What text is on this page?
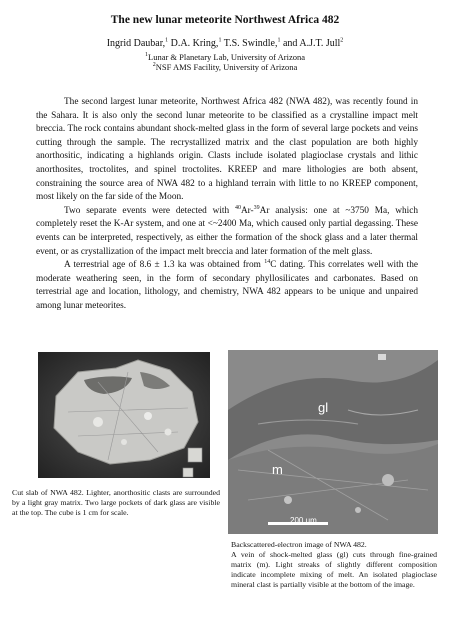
The new lunar meteorite Northwest Africa 482
Ingrid Daubar,$^1$ D.A. Kring,$^1$ T.S. Swindle,$^1$ and A.J.T. Jull$^2$
$^1$Lunar & Planetary Lab, University of Arizona
$^2$NSF AMS Facility, University of Arizona

The second largest lunar meteorite, Northwest Africa 482 (NWA 482), was recently found in the Sahara. It is also only the second lunar meteorite to be classified as a crystalline impact melt breccia. The rock contains abundant shock-melted glass in the form of several large pockets and veins cutting through the sample. The recrystallized matrix and the clast population are both highly anorthositic, indicating a highlands origin. Clasts include isolated plagioclase crystals and lithic anorthosites, troctolites, and spinel troctolites. KREEP and mare lithologies are both absent, constraining the source area of NWA 482 to a highland terrain with little to no KREEP component, most likely on the far side of the Moon.

Two separate events were detected with $^{40}$Ar-$^{39}$Ar analysis: one at ~3750 Ma, which completely reset the K-Ar system, and one at <~2400 Ma, which caused only partial degassing. These events can be interpreted, respectively, as either the formation of the shock glass and a later thermal event, or as crystallization of the impact melt breccia and later formation of the melt glass.

A terrestrial age of 8.6 ± 1.3 ka was obtained from $^{14}$C dating. This correlates well with the moderate weathering seen, in the form of secondary phyllosilicates and carbonates. Based on terrestrial age and location, lithology, and chemistry, NWA 482 appears to be unique and unpaired among lunar meteorites.

Cut slab of NWA 482. Lighter, anorthositic clasts are surrounded by a light gray matrix. Two large pockets of dark glass are visible at the top. The cube is 1 cm for scale.
gl
m
200 µm
Backscattered-electron image of NWA 482.
A vein of shock-melted glass (gl) cuts through fine-grained matrix (m). Light streaks of slightly different composition indicate incomplete mixing of melt. An isolated plagioclase mineral clast is partially visible at the bottom of the image.
